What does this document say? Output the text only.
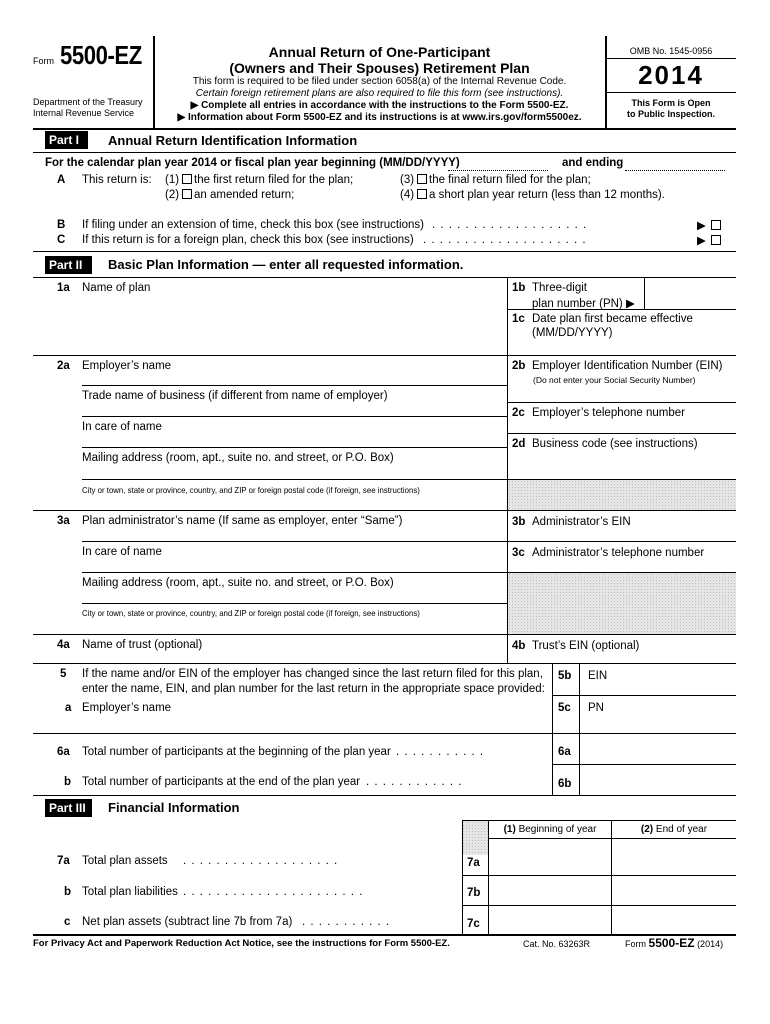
Form 5500-EZ
Department of the Treasury
Internal Revenue Service
Annual Return of One-Participant
(Owners and Their Spouses) Retirement Plan
This form is required to be filed under section 6058(a) of the Internal Revenue Code.
Certain foreign retirement plans are also required to file this form (see instructions).
▶ Complete all entries in accordance with the instructions to the Form 5500-EZ.
▶ Information about Form 5500-EZ and its instructions is at www.irs.gov/form5500ez.
OMB No. 1545-0956
2014
This Form is Open
to Public Inspection.
Part I	Annual Return Identification Information
For the calendar plan year 2014 or fiscal plan year beginning (MM/DD/YYYY)	and ending
A This return is: (1)	the first return filed for the plan;
(2)	an amended return;
(3)	the final return filed for the plan;
(4)	a short plan year return (less than 12 months).
B If filing under an extension of time, check this box (see instructions) . . . . . . . . . . . . . . . . . . .	▶
C If this return is for a foreign plan, check this box (see instructions) . . . . . . . . . . . . . . . . . . . .	▶
Part II	Basic Plan Information — enter all requested information.
1a Name of plan	1b Three-digit
plan number (PN) ▶
1c Date plan first became effective
(MM/DD/YYYY)
2a Employer’s name	2b Employer Identification Number (EIN)
(Do not enter your Social Security Number)
Trade name of business (if different from name of employer)
2c Employer’s telephone number
In care of name
2d Business code (see instructions)
Mailing address (room, apt., suite no. and street, or P.O. Box)
City or town, state or province, country, and ZIP or foreign postal code (if foreign, see instructions)
3a Plan administrator’s name (If same as employer, enter “Same”)	3b Administrator’s EIN
In care of name	3c Administrator’s telephone number
Mailing address (room, apt., suite no. and street, or P.O. Box)
City or town, state or province, country, and ZIP or foreign postal code (if foreign, see instructions)
4a Name of trust (optional)	4b Trust’s EIN (optional)
5 If the name and/or EIN of the employer has changed since the last return filed for this plan,
enter the name, EIN, and plan number for the last return in the appropriate space provided:
5b EIN
a Employer’s name	5c PN
6a Total number of participants at the beginning of the plan year . . . . . . . . . . .	6a
b Total number of participants at the end of the plan year . . . . . . . . . . . .	6b
Part III	Financial Information
(1) Beginning of year	(2) End of year
7a Total plan assets . . . . . . . . . . . . . . . . . . .	7a
b Total plan liabilities . . . . . . . . . . . . . . . . . . . . . .	7b
c Net plan assets (subtract line 7b from 7a) . . . . . . . . . . .	7c
For Privacy Act and Paperwork Reduction Act Notice, see the instructions for Form 5500-EZ.	Cat. No. 63263R	Form 5500-EZ (2014)
